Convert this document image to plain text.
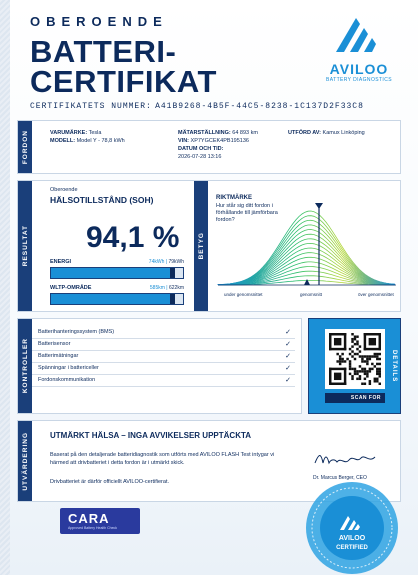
OBEROENDE
BATTERI-
CERTIFIKAT
CERTIFIKATETS NUMMER: A41B9268-4B5F-44C5-8238-1C137D2F33C8
AVILOO
BATTERY DIAGNOSTICS
FORDON	VARUMÄRKE: Tesla
MODELL: Model Y - 78,8 kWh
MÄTARSTÄLLNING: 64 893 km
VIN: XP7YGCEK4PB195136
DATUM OCH TID:
2026-07-28 13:16
UTFÖRD AV: Kamux Linköping
RESULTAT
Oberoende
HÄLSOTILLSTÅND (SOH)
94,1 %
ENERGI	74kWh | 79kWh
WLTP-OMRÅDE	585km | 622km
BETYG
RIKTMÄRKE
Hur står sig ditt fordon i förhållande till jämförbara fordon?
under genomsnittet	genomsnitt	över genomsnittet
KONTROLLER
Batterihanteringssystem (BMS)	✓
Batterisensor	✓
Batterimätningar	✓
Spänningar i battericeller	✓
Fordonskommunikation	✓
SCAN FOR
DETAILS
UTVÄRDERING	UTMÄRKT HÄLSA – INGA AVVIKELSER UPPTÄCKTA
Baserat på den detaljerade batteridiagnostik som utförts med AVILOO FLASH Test intygar vi härmed att drivbatteriet i detta fordon är i utmärkt skick.
Drivbatteriet är därför officiellt AVILOO-certifierat.
Dr. Marcus Berger, CEO
CARA
Approved Battery Health Check
AVILOO
CERTIFIED
